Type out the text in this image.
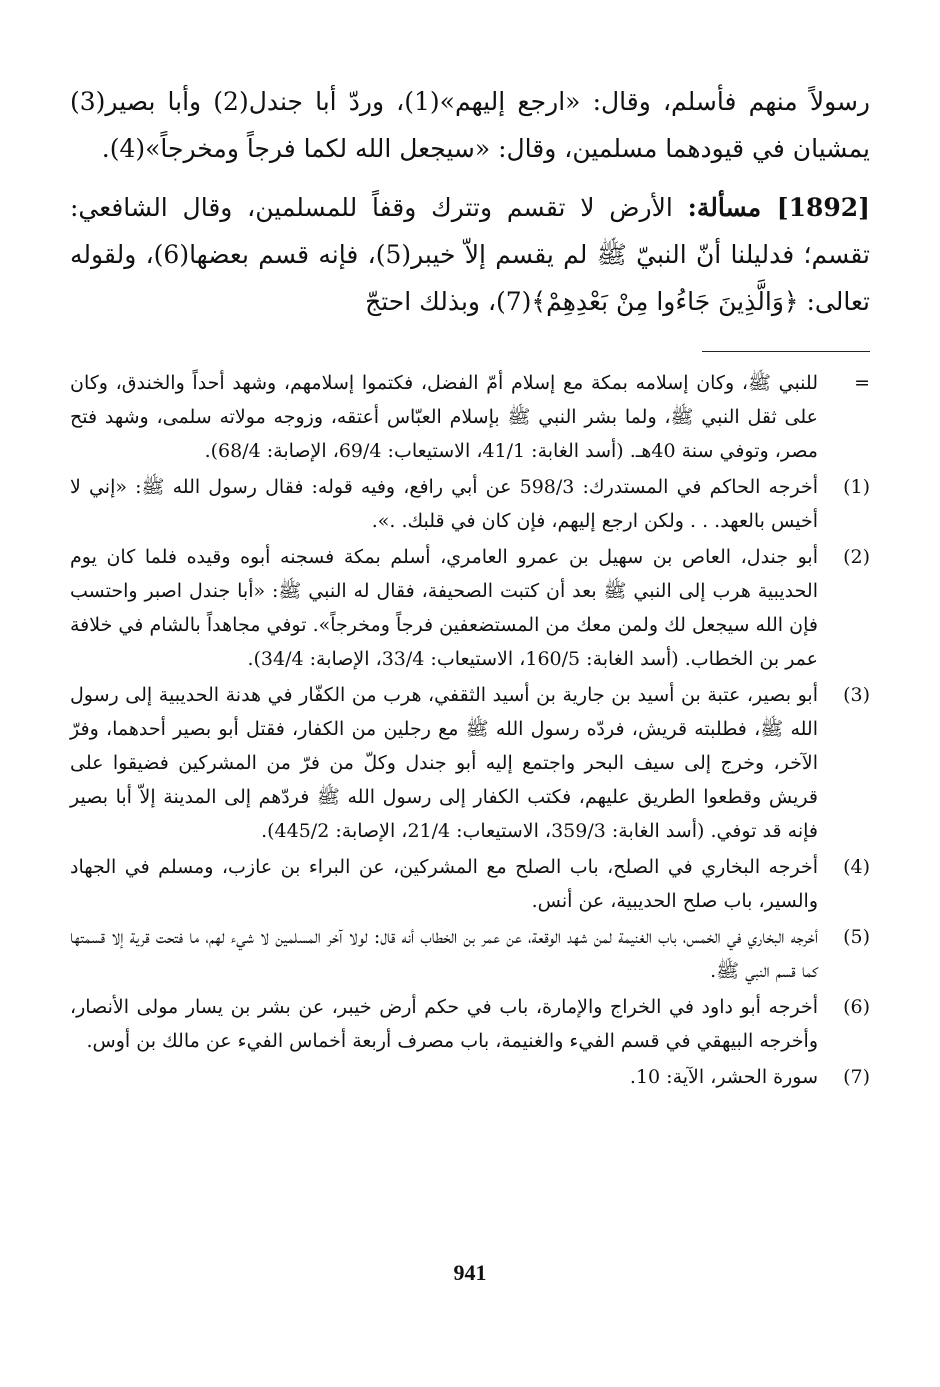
رسولاً منهم فأسلم، وقال: «ارجع إليهم»(1)، وردّ أبا جندل(2) وأبا بصير(3) يمشيان في قيودهما مسلمين، وقال: «سيجعل الله لكما فرجاً ومخرجاً»(4).

[1892] مسألة: الأرض لا تقسم وتترك وقفاً للمسلمين، وقال الشافعي: تقسم؛ فدليلنا أنّ النبيّ ﷺ لم يقسم إلاّ خيبر(5)، فإنه قسم بعضها(6)، ولقوله تعالى: ﴿وَالَّذِينَ جَاءُوا مِنْ بَعْدِهِمْ﴾(7)، وبذلك احتجّ

=
للنبي ﷺ، وكان إسلامه بمكة مع إسلام أمّ الفضل، فكتموا إسلامهم، وشهد أحداً والخندق، وكان على ثقل النبي ﷺ، ولما بشر النبي ﷺ بإسلام العبّاس أعتقه، وزوجه مولاته سلمى، وشهد فتح مصر، وتوفي سنة 40هـ. (أسد الغابة: 41/1، الاستيعاب: 69/4، الإصابة: 68/4).
(1)
أخرجه الحاكم في المستدرك: 598/3 عن أبي رافع، وفيه قوله: فقال رسول الله ﷺ: «إني لا أخيس بالعهد. . . ولكن ارجع إليهم، فإن كان في قلبك. .».
(2)
أبو جندل، العاص بن سهيل بن عمرو العامري، أسلم بمكة فسجنه أبوه وقيده فلما كان يوم الحديبية هرب إلى النبي ﷺ بعد أن كتبت الصحيفة، فقال له النبي ﷺ: «أبا جندل اصبر واحتسب فإن الله سيجعل لك ولمن معك من المستضعفين فرجاً ومخرجاً». توفي مجاهداً بالشام في خلافة عمر بن الخطاب. (أسد الغابة: 160/5، الاستيعاب: 33/4، الإصابة: 34/4).
(3)
أبو بصير، عتبة بن أسيد بن جارية بن أسيد الثقفي، هرب من الكفّار في هدنة الحديبية إلى رسول الله ﷺ، فطلبته قريش، فردّه رسول الله ﷺ مع رجلين من الكفار، فقتل أبو بصير أحدهما، وفرّ الآخر، وخرج إلى سيف البحر واجتمع إليه أبو جندل وكلّ من فرّ من المشركين فضيقوا على قريش وقطعوا الطريق عليهم، فكتب الكفار إلى رسول الله ﷺ فردّهم إلى المدينة إلاّ أبا بصير فإنه قد توفي. (أسد الغابة: 359/3، الاستيعاب: 21/4، الإصابة: 445/2).
(4)
أخرجه البخاري في الصلح، باب الصلح مع المشركين، عن البراء بن عازب، ومسلم في الجهاد والسير، باب صلح الحديبية، عن أنس.
(5)
أخرجه البخاري في الخمس، باب الغنيمة لمن شهد الوقعة، عن عمر بن الخطاب أنه قال: لولا آخر المسلمين لا شيء لهم، ما فتحت قرية إلا قسمتها كما قسم النبي ﷺ.
(6)
أخرجه أبو داود في الخراج والإمارة، باب في حكم أرض خيبر، عن بشر بن يسار مولى الأنصار، وأخرجه البيهقي في قسم الفيء والغنيمة، باب مصرف أربعة أخماس الفيء عن مالك بن أوس.
(7)
سورة الحشر، الآية: 10.
941
